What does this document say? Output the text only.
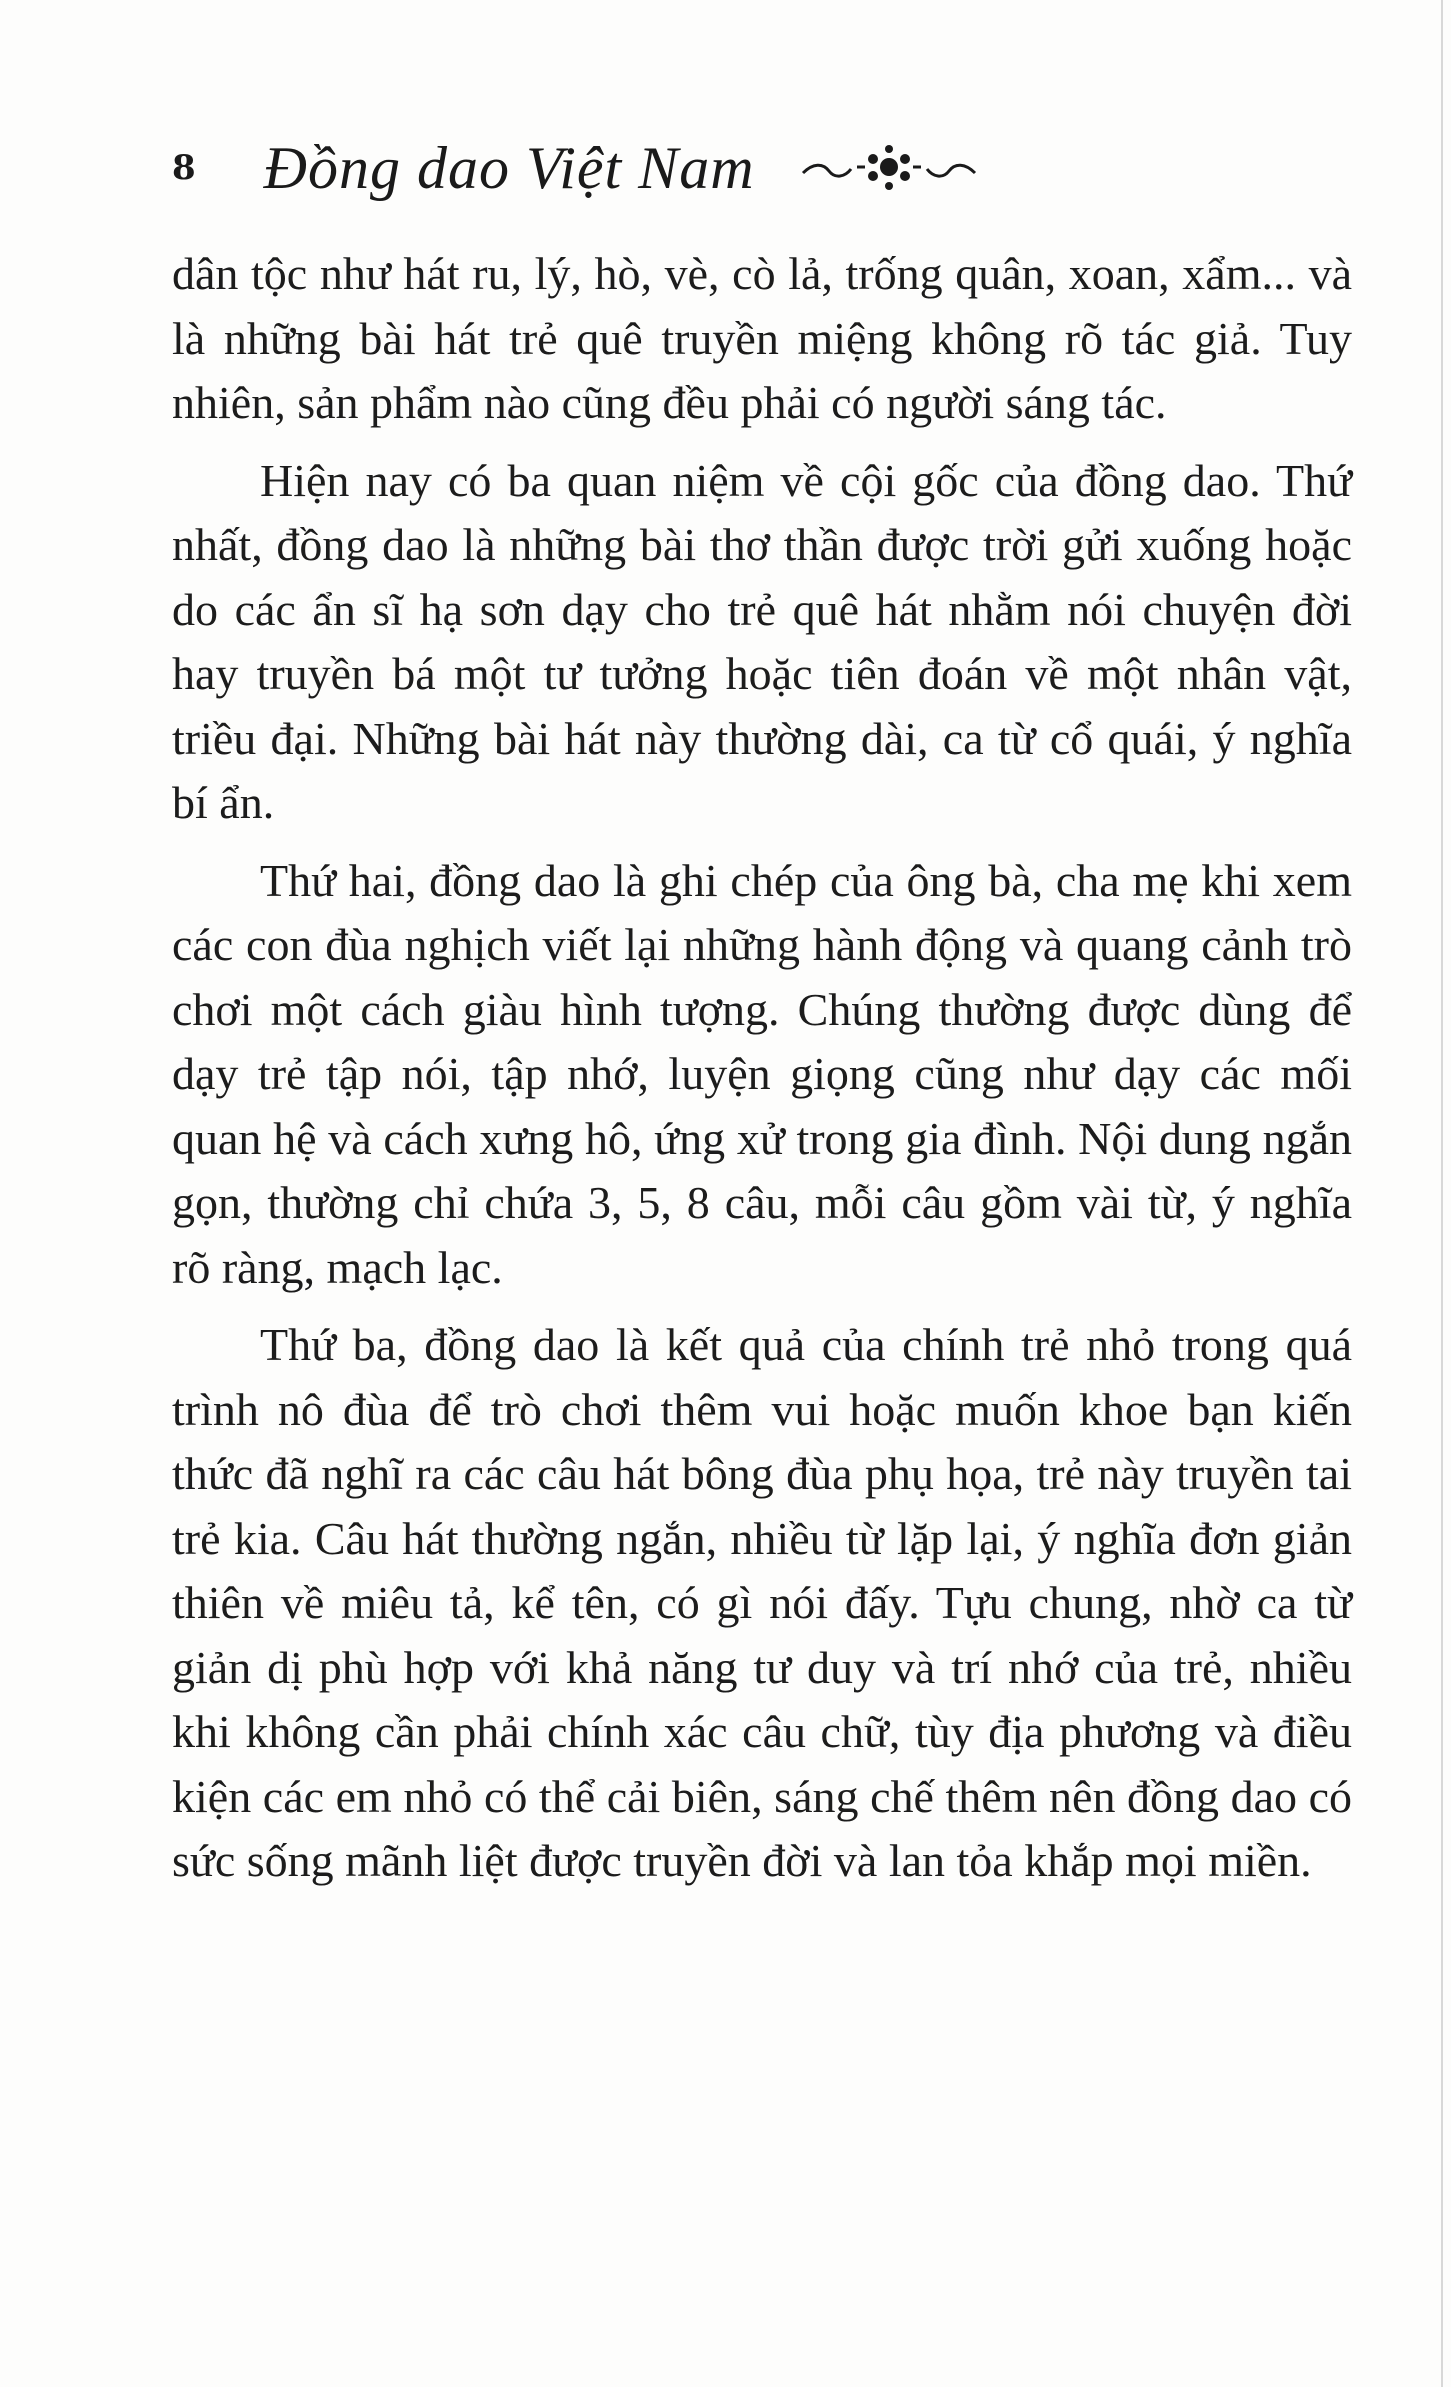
8 Đồng dao Việt Nam

dân tộc như hát ru, lý, hò, vè, cò lả, trống quân, xoan, xẩm... và là những bài hát trẻ quê truyền miệng không rõ tác giả. Tuy nhiên, sản phẩm nào cũng đều phải có người sáng tác.

Hiện nay có ba quan niệm về cội gốc của đồng dao. Thứ nhất, đồng dao là những bài thơ thần được trời gửi xuống hoặc do các ẩn sĩ hạ sơn dạy cho trẻ quê hát nhằm nói chuyện đời hay truyền bá một tư tưởng hoặc tiên đoán về một nhân vật, triều đại. Những bài hát này thường dài, ca từ cổ quái, ý nghĩa bí ẩn.

Thứ hai, đồng dao là ghi chép của ông bà, cha mẹ khi xem các con đùa nghịch viết lại những hành động và quang cảnh trò chơi một cách giàu hình tượng. Chúng thường được dùng để dạy trẻ tập nói, tập nhớ, luyện giọng cũng như dạy các mối quan hệ và cách xưng hô, ứng xử trong gia đình. Nội dung ngắn gọn, thường chỉ chứa 3, 5, 8 câu, mỗi câu gồm vài từ, ý nghĩa rõ ràng, mạch lạc.

Thứ ba, đồng dao là kết quả của chính trẻ nhỏ trong quá trình nô đùa để trò chơi thêm vui hoặc muốn khoe bạn kiến thức đã nghĩ ra các câu hát bông đùa phụ họa, trẻ này truyền tai trẻ kia. Câu hát thường ngắn, nhiều từ lặp lại, ý nghĩa đơn giản thiên về miêu tả, kể tên, có gì nói đấy. Tựu chung, nhờ ca từ giản dị phù hợp với khả năng tư duy và trí nhớ của trẻ, nhiều khi không cần phải chính xác câu chữ, tùy địa phương và điều kiện các em nhỏ có thể cải biên, sáng chế thêm nên đồng dao có sức sống mãnh liệt được truyền đời và lan tỏa khắp mọi miền.
